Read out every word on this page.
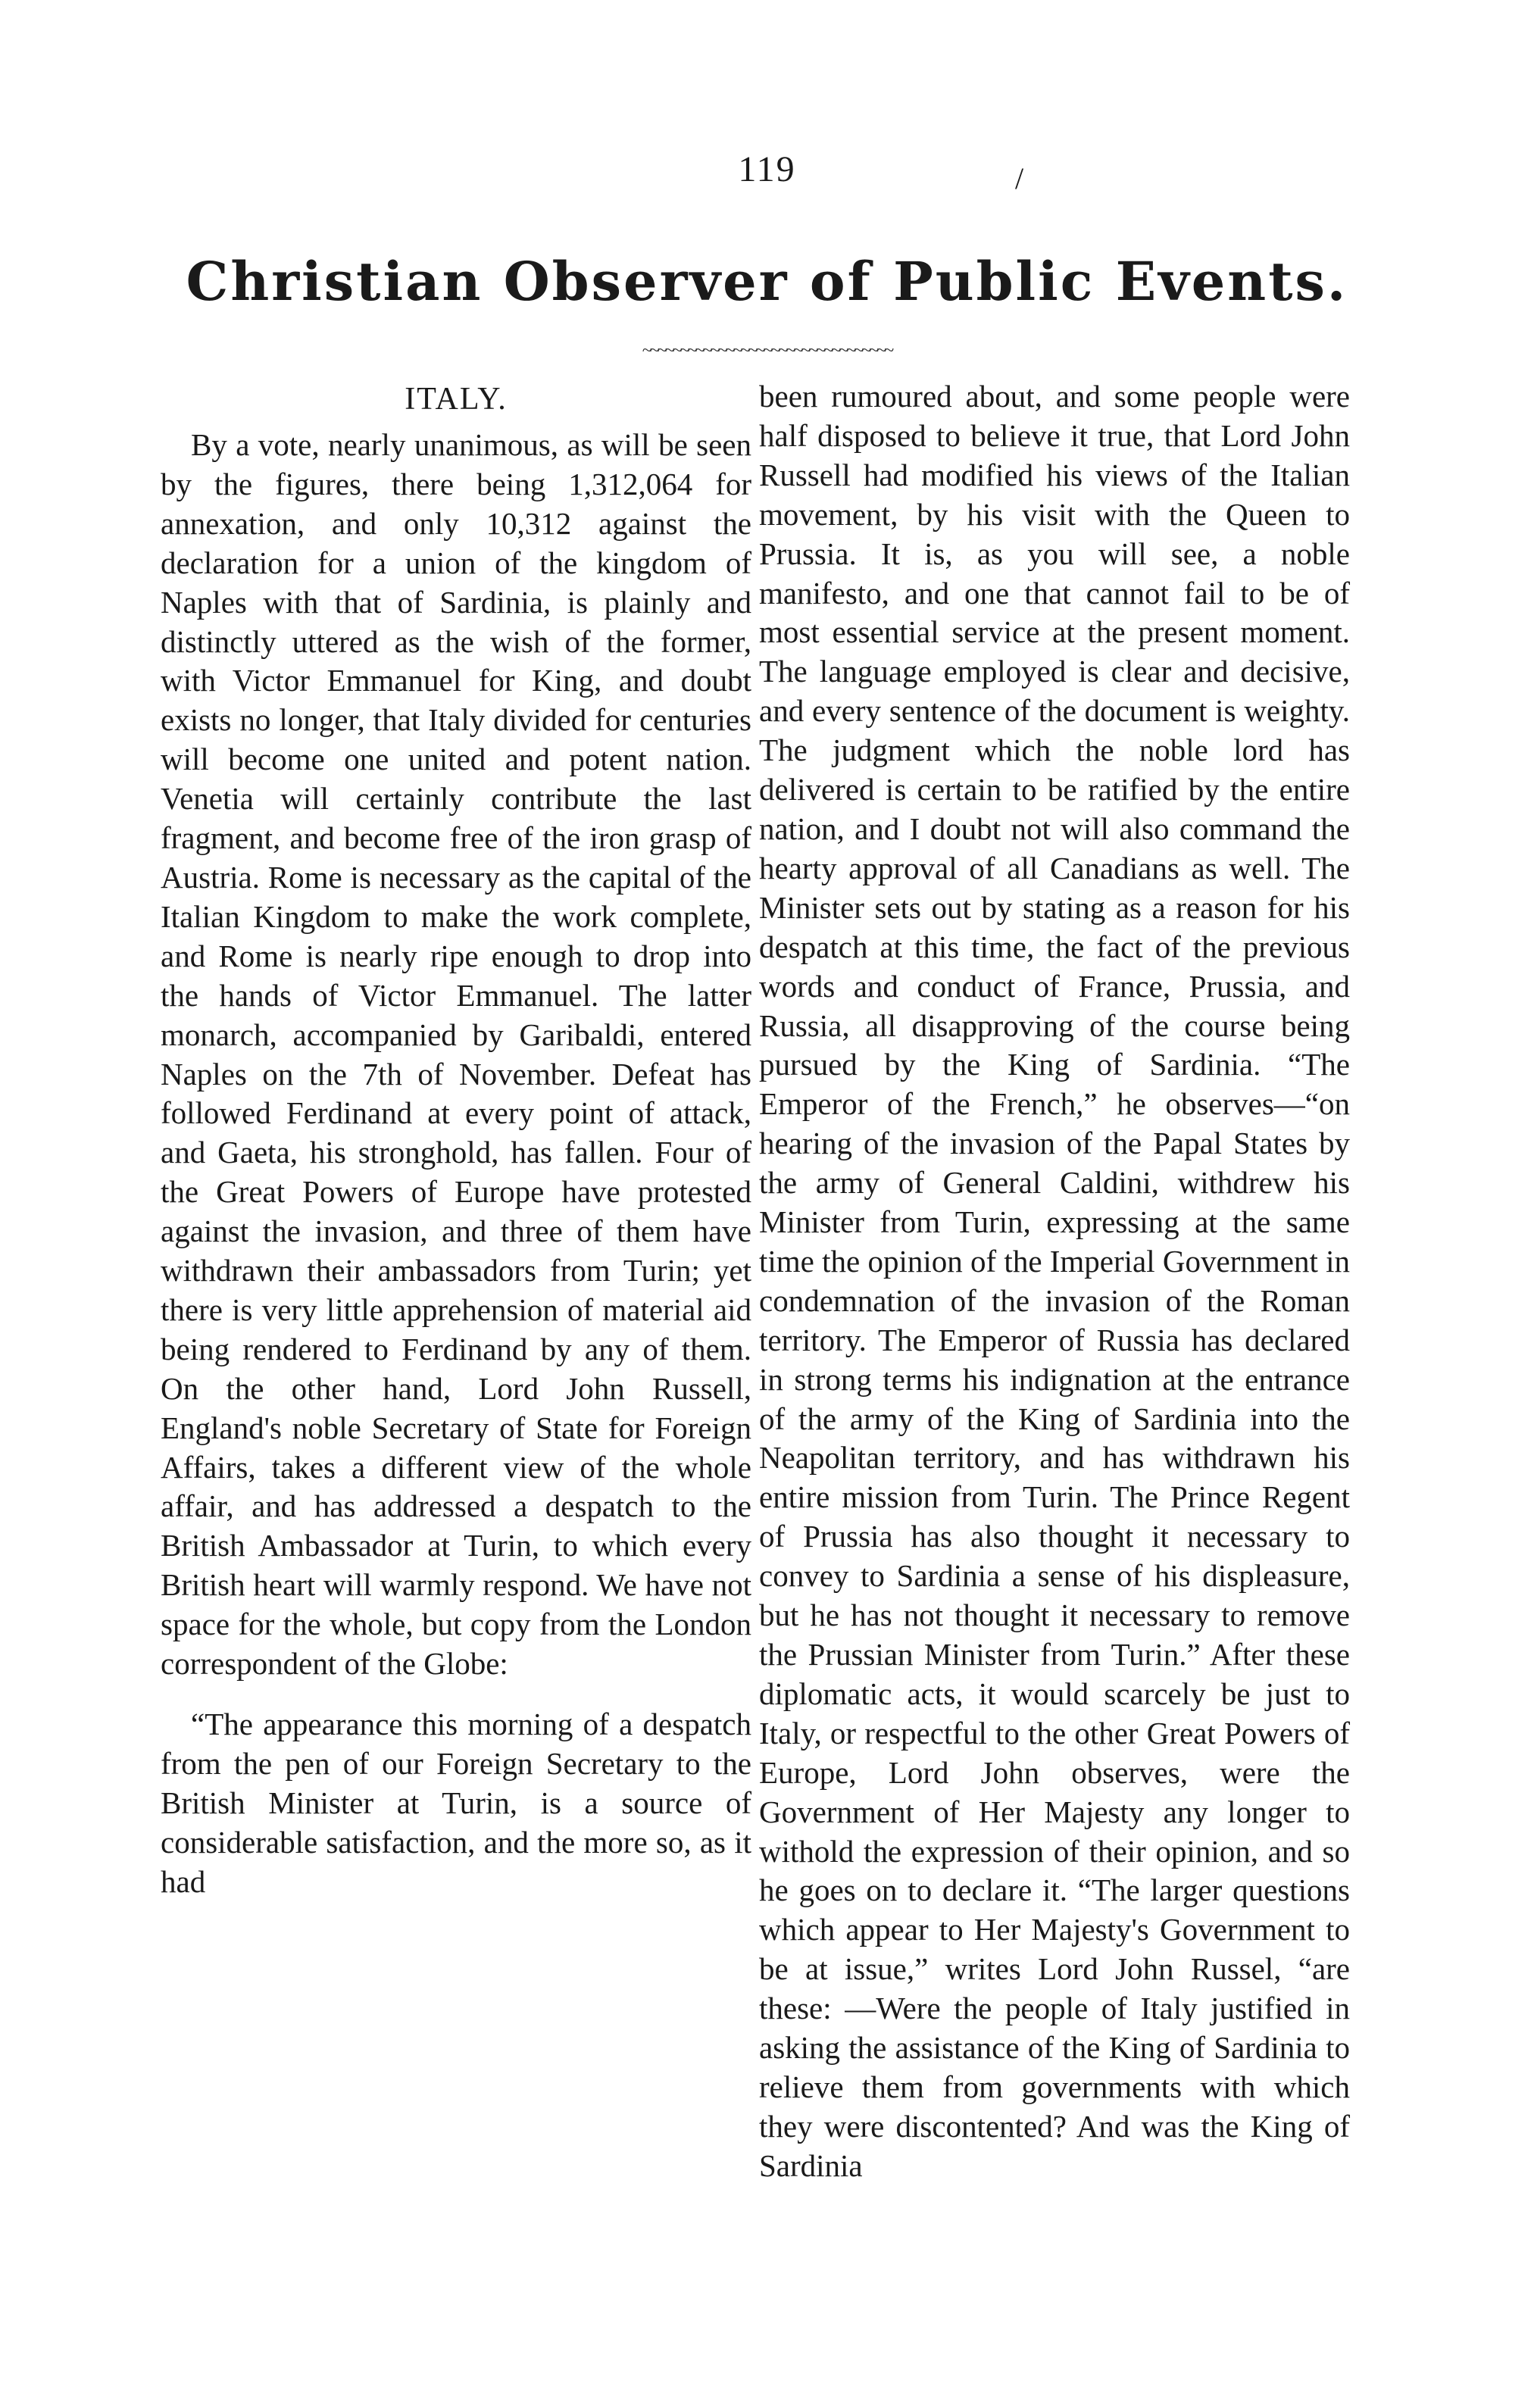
119	/
Christian Observer of Public Events.
~~~~~~~~~~~~~~~~~~~~~~~~~~~~~~~~~
ITALY.

By a vote, nearly unanimous, as will be seen by the figures, there being 1,312,064 for annexation, and only 10,312 against the declaration for a union of the kingdom of Naples with that of Sardinia, is plainly and distinctly uttered as the wish of the former, with Victor Emmanuel for King, and doubt exists no longer, that Italy divided for centuries will become one united and potent nation. Venetia will certainly contribute the last fragment, and become free of the iron grasp of Austria. Rome is necessary as the capital of the Italian Kingdom to make the work complete, and Rome is nearly ripe enough to drop into the hands of Victor Emmanuel. The latter monarch, accompanied by Garibaldi, entered Naples on the 7th of November. Defeat has followed Ferdinand at every point of attack, and Gaeta, his stronghold, has fallen. Four of the Great Powers of Europe have protested against the invasion, and three of them have withdrawn their ambassadors from Turin; yet there is very little apprehension of material aid being rendered to Ferdinand by any of them. On the other hand, Lord John Russell, England's noble Secretary of State for Foreign Affairs, takes a different view of the whole affair, and has addressed a despatch to the British Ambassador at Turin, to which every British heart will warmly respond. We have not space for the whole, but copy from the London correspondent of the Globe:

“The appearance this morning of a despatch from the pen of our Foreign Secretary to the British Minister at Turin, is a source of considerable satisfaction, and the more so, as it had

been rumoured about, and some people were half disposed to believe it true, that Lord John Russell had modified his views of the Italian movement, by his visit with the Queen to Prussia. It is, as you will see, a noble manifesto, and one that cannot fail to be of most essential service at the present moment. The language employed is clear and decisive, and every sentence of the document is weighty. The judgment which the noble lord has delivered is certain to be ratified by the entire nation, and I doubt not will also command the hearty approval of all Canadians as well. The Minister sets out by stating as a reason for his despatch at this time, the fact of the previous words and conduct of France, Prussia, and Russia, all disapproving of the course being pursued by the King of Sardinia. “The Emperor of the French,” he observes—“on hearing of the invasion of the Papal States by the army of General Caldini, withdrew his Minister from Turin, expressing at the same time the opinion of the Imperial Government in condemnation of the invasion of the Roman territory. The Emperor of Russia has declared in strong terms his indignation at the entrance of the army of the King of Sardinia into the Neapolitan territory, and has withdrawn his entire mission from Turin. The Prince Regent of Prussia has also thought it necessary to convey to Sardinia a sense of his displeasure, but he has not thought it necessary to remove the Prussian Minister from Turin.” After these diplomatic acts, it would scarcely be just to Italy, or respectful to the other Great Powers of Europe, Lord John observes, were the Government of Her Majesty any longer to withold the expression of their opinion, and so he goes on to declare it. “The larger questions which appear to Her Majesty's Government to be at issue,” writes Lord John Russel, “are these: —Were the people of Italy justified in asking the assistance of the King of Sardinia to relieve them from governments with which they were discontented? And was the King of Sardinia
